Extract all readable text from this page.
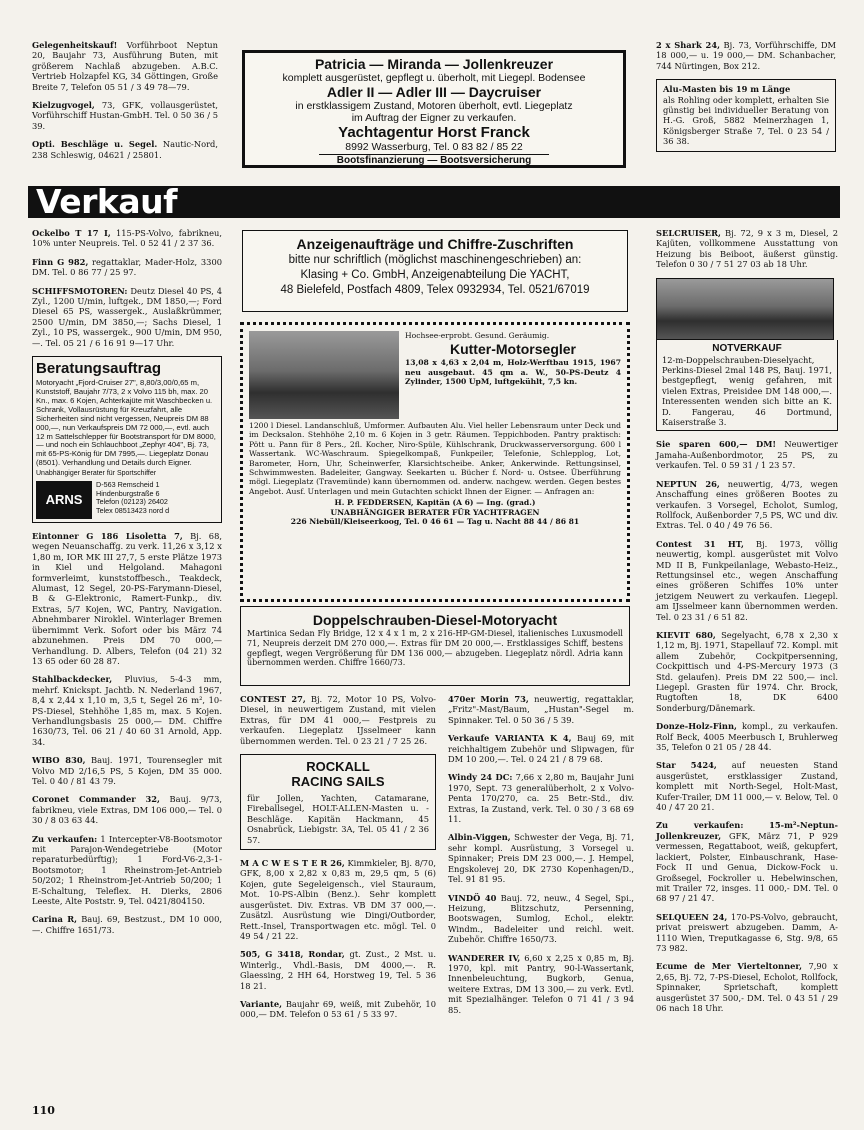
Gelegenheitskauf! Vorführboot Neptun 20, Baujahr 73, Ausführung Buten, mit größerem Nachlaß abzugeben. A.B.C. Vertrieb Holzapfel KG, 34 Göttingen, Große Breite 7, Telefon 05 51 / 3 49 78—79.
Kielzugvogel, 73, GFK, vollausgerüstet, Vorführschiff Hustan-GmbH. Tel. 0 50 36 / 5 39.
Opti. Beschläge u. Segel. Nautic-Nord, 238 Schleswig, 04621 / 25801.
Patricia — Miranda — Jollenkreuzer
komplett ausgerüstet, gepflegt u. überholt, mit Liegepl. Bodensee
Adler II — Adler III — Daycruiser
in erstklassigem Zustand, Motoren überholt, evtl. Liegeplatz
im Auftrag der Eigner zu verkaufen.
Yachtagentur Horst Franck
8992 Wasserburg, Tel. 0 83 82 / 85 22
Bootsfinanzierung — Bootsversicherung
2 x Shark 24, Bj. 73, Vorführschiffe, DM 18 000,— u. 19 000,— DM. Schanbacher, 744 Nürtingen, Box 212.
Alu-Masten bis 19 m Länge
als Rohling oder komplett, erhalten Sie günstig bei individueller Beratung von H.-G. Groß, 5882 Meinerzhagen 1, Königsberger Straße 7, Tel. 0 23 54 / 36 38.
Verkauf
Ockelbo T 17 I, 115-PS-Volvo, fabrikneu, 10% unter Neupreis. Tel. 0 52 41 / 2 37 36.
Finn G 982, regattaklar, Mader-Holz, 3300 DM. Tel. 0 86 77 / 25 97.
SCHIFFSMOTOREN: Deutz Diesel 40 PS, 4 Zyl., 1200 U/min, luftgek., DM 1850,—; Ford Diesel 65 PS, wassergek., Auslaßkrümmer, 2500 U/min, DM 3850,—; Sachs Diesel, 1 Zyl., 10 PS, wassergek., 900 U/min, DM 950,—. Tel. 05 21 / 6 16 91 9—17 Uhr.
Beratungsauftrag
Motoryacht „Fjord-Cruiser 27", 8,80/3,00/0,65 m, Kunststoff, Baujahr 7/73, 2 x Volvo 115 bh, max. 20 Kn., max. 6 Kojen, Achterkajüte mit Waschbecken u. Schrank, Vollausrüstung für Kreuzfahrt, alle Sicherheiten sind nicht vergessen, Neupreis DM 88 000,—, nun Verkaufspreis DM 72 000,—, evtl. auch 12 m Sattelschlepper für Bootstransport für DM 8000,— und noch ein Schlauchboot „Zephyr 404", Bj. 73, mit 65-PS-König für DM 7995,—. Liegeplatz Donau (8501). Verhandlung und Details durch Eigner.
Unabhängiger Berater für Sportschiffer
ARNS
D-563 Remscheid 1
Hindenburgstraße 6
Telefon (02123) 26402
Telex 08513423 nord d
Eintonner G 186 Lisoletta 7, Bj. 68, wegen Neuanschaffg. zu verk. 11,26 x 3,12 x 1,80 m, IOR MK III 27,7, 5 erste Plätze 1973 in Kiel und Helgoland. Mahagoni formverleimt, kunststoffbesch., Teakdeck, Alumast, 12 Segel, 20-PS-Farymann-Diesel, B & G-Elektronic, Ramert-Funkp., div. Extras, 5/7 Kojen, WC, Pantry, Navigation. Abnehmbarer Niroklel. Winterlager Bremen übernimmt Verk. Sofort oder bis März 74 abzunehmen. Preis DM 70 000,— Verhandlung. D. Albers, Telefon (04 21) 32 13 65 oder 60 28 87.
Stahlbackdecker, Pluvius, 5-4-3 mm, mehrf. Knickspt. Jachtb. N. Nederland 1967, 8,4 x 2,44 x 1,10 m, 3,5 t, Segel 26 m², 10-PS-Diesel, Stehhöhe 1,85 m, max. 5 Kojen. Verhandlungsbasis 25 000,— DM. Chiffre 1630/73, Tel. 06 21 / 40 60 31 Arnold, App. 34.
WIBO 830, Bauj. 1971, Tourensegler mit Volvo MD 2/16,5 PS, 5 Kojen, DM 35 000. Tel. 0 40 / 81 43 79.
Coronet Commander 32, Bauj. 9/73, fabrikneu, viele Extras, DM 106 000,— Tel. 0 30 / 8 03 63 44.
Zu verkaufen: 1 Intercepter-V8-Bootsmotor mit Parajon-Wendegetriebe (Motor reparaturbedürftig); 1 Ford-V6-2,3-1-Bootsmotor; 1 Rheinstrom-Jet-Antrieb 50/202; 1 Rheinstrom-Jet-Antrieb 50/200; 1 E-Schaltung, Teleflex. H. Dierks, 2806 Leeste, Alte Poststr. 9, Tel. 0421/804150.
Carina R, Bauj. 69, Bestzust., DM 10 000,—. Chiffre 1651/73.
Anzeigenaufträge und Chiffre-Zuschriften
bitte nur schriftlich (möglichst maschinengeschrieben) an:
Klasing + Co. GmbH, Anzeigenabteilung Die YACHT,
48 Bielefeld, Postfach 4809, Telex 0932934, Tel. 0521/67019
Hochsee-erprobt. Gesund. Geräumig.
Kutter-Motorsegler
13,08 x 4,63 x 2,04 m, Holz-Werftbau 1915, 1967 neu ausgebaut. 45 qm a. W., 50-PS-Deutz 4 Zylinder, 1500 UpM, luftgekühlt, 7,5 kn.
1200 l Diesel. Landanschluß, Umformer. Aufbauten Alu. Viel heller Lebensraum unter Deck und im Decksalon. Stehhöhe 2,10 m. 6 Kojen in 3 getr. Räumen. Teppichboden. Pantry praktisch: Pött u. Pann für 8 Pers., 2fl. Kocher, Niro-Spüle, Kühlschrank, Druckwasserversorgung. 600 l Wassertank. WC-Waschraum. Spiegelkompaß, Funkpeiler, Telefonie, Schlepplog, Lot, Barometer, Horn, Uhr, Scheinwerfer, Klarsichtscheibe. Anker, Ankerwinde. Rettungsinsel, Schwimmwesten. Badeleiter, Gangway. Seekarten u. Bücher f. Nord- u. Ostsee. Überführung mögl. Liegeplatz (Travemünde) kann übernommen od. anderw. nachgew. werden. Gegen bestes Angebot. Ausf. Unterlagen und mein Gutachten schickt Ihnen der Eigner. — Anfragen an:
H. P. FEDDERSEN, Kapitän (A 6) — Ing. (grad.)
UNABHÄNGIGER BERATER FÜR YACHTFRAGEN
226 Niebüll/Kleiseerkoog, Tel. 0 46 61 — Tag u. Nacht 88 44 / 86 81
Doppelschrauben-Diesel-Motoryacht
Martinica Sedan Fly Bridge, 12 x 4 x 1 m, 2 x 216-HP-GM-Diesel, italienisches Luxusmodell 71, Neupreis derzeit DM 270 000,—. Extras für DM 20 000,—. Erstklassiges Schiff, bestens gepflegt, wegen Vergrößerung für DM 136 000,— abzugeben. Liegeplatz nördl. Adria kann übernommen werden. Chiffre 1660/73.
CONTEST 27, Bj. 72, Motor 10 PS, Volvo-Diesel, in neuwertigem Zustand, mit vielen Extras, für DM 41 000,— Festpreis zu verkaufen. Liegeplatz IJsselmeer kann übernommen werden. Tel. 0 23 21 / 7 25 26.
ROCKALL
RACING SAILS
für Jollen, Yachten, Catamarane, Fireballsegel, HOLT-ALLEN-Masten u. -Beschläge. Kapitän Hackmann, 45 Osnabrück, Liebigstr. 3A, Tel. 05 41 / 2 36 57.
M A C W E S T E R 26, Kimmkieler, Bj. 8/70, GFK, 8,00 x 2,82 x 0,83 m, 29,5 qm, 5 (6) Kojen, gute Segeleigensch., viel Stauraum, Mot. 10-PS-Albin (Benz.). Sehr komplett ausgerüstet. Div. Extras. VB DM 37 000,—. Zusätzl. Ausrüstung wie Dingi/Outborder, Rett.-Insel, Transportwagen etc. mögl. Tel. 0 49 54 / 21 22.
505, G 3418, Rondar, gt. Zust., 2 Mst. u. Winterlg., Vhdl.-Basis, DM 4000,—. R. Glaessing, 2 HH 64, Horstweg 19, Tel. 5 36 18 21.
Variante, Baujahr 69, weiß, mit Zubehör, 10 000,— DM. Telefon 0 53 61 / 5 33 97.
470er Morin 73, neuwertig, regattaklar, „Fritz"-Mast/Baum, „Hustan"-Segel m. Spinnaker. Tel. 0 50 36 / 5 39.
Verkaufe VARIANTA K 4, Bauj 69, mit reichhaltigem Zubehör und Slipwagen, für DM 10 200,—. Tel. 0 24 21 / 8 79 68.
Windy 24 DC: 7,66 x 2,80 m, Baujahr Juni 1970, Sept. 73 generalüberholt, 2 x Volvo-Penta 170/270, ca. 25 Betr.-Std., div. Extras, Ia Zustand, verk. Tel. 0 30 / 3 68 69 11.
Albin-Viggen, Schwester der Vega, Bj. 71, sehr kompl. Ausrüstung, 3 Vorsegel u. Spinnaker; Preis DM 23 000,—. J. Hempel, Engskolevej 20, DK 2730 Kopenhagen/D., Tel. 91 81 95.
VINDÖ 40 Bauj. 72, neuw., 4 Segel, Spi., Heizung, Blitzschutz, Persenning, Bootswagen, Sumlog, Echol., elektr. Windm., Badeleiter und reichl. weit. Zubehör. Chiffre 1650/73.
WANDERER IV, 6,60 x 2,25 x 0,85 m, Bj. 1970, kpl. mit Pantry, 90-l-Wassertank, Innenbeleuchtung, Bugkorb, Genua, weitere Extras, DM 13 300,— zu verk. Evtl. mit Spezialhänger. Telefon 0 71 41 / 3 94 85.
SELCRUISER, Bj. 72, 9 x 3 m, Diesel, 2 Kajüten, vollkommene Ausstattung von Heizung bis Beiboot, äußerst günstig. Telefon 0 30 / 7 51 27 03 ab 18 Uhr.
NOTVERKAUF
12-m-Doppelschrauben-Dieselyacht, Perkins-Diesel 2mal 148 PS, Bauj. 1971, bestgepflegt, wenig gefahren, mit vielen Extras, Preisidee DM 148 000,—. Interessenten wenden sich bitte an K. D. Fangerau, 46 Dortmund, Kaiserstraße 3.
Sie sparen 600,— DM! Neuwertiger Jamaha-Außenbordmotor, 25 PS, zu verkaufen. Tel. 0 59 31 / 1 23 57.
NEPTUN 26, neuwertig, 4/73, wegen Anschaffung eines größeren Bootes zu verkaufen. 3 Vorsegel, Echolot, Sumlog, Rollfock, Außenborder 7,5 PS, WC und div. Extras. Tel. 0 40 / 49 76 56.
Contest 31 HT, Bj. 1973, völlig neuwertig, kompl. ausgerüstet mit Volvo MD II B, Funkpeilanlage, Webasto-Heiz., Rettungsinsel etc., wegen Anschaffung eines größeren Schiffes 10% unter jetzigem Neuwert zu verkaufen. Liegepl. am IJsselmeer kann übernommen werden. Tel. 0 23 31 / 6 51 82.
KIEVIT 680, Segelyacht, 6,78 x 2,30 x 1,12 m, Bj. 1971, Stapellauf 72. Kompl. mit allem Zubehör, Cockpitpersenning, Cockpittisch und 4-PS-Mercury 1973 (3 Std. gelaufen). Preis DM 22 500,— incl. Liegepl. Grasten für 1974. Chr. Brock, Rugtoften 18, DK 6400 Sonderburg/Dänemark.
Donze-Holz-Finn, kompl., zu verkaufen. Rolf Beck, 4005 Meerbusch I, Bruhlerweg 35, Telefon 0 21 05 / 28 44.
Star 5424, auf neuesten Stand ausgerüstet, erstklassiger Zustand, komplett mit North-Segel, Holt-Mast, Kufer-Trailer, DM 11 000,— v. Below, Tel. 0 40 / 47 20 21.
Zu verkaufen: 15-m²-Neptun-Jollenkreuzer, GFK, März 71, P 929 vermessen, Regattaboot, weiß, gekupfert, lackiert, Polster, Einbauschrank, Hase-Fock II und Genua, Dickow-Fock u. Großsegel, Fockroller u. Hebelwinschen, mit Trailer 72, insges. 11 000,- DM. Tel. 0 68 97 / 21 47.
SELQUEEN 24, 170-PS-Volvo, gebraucht, privat preiswert abzugeben. Damm, A-1110 Wien, Treputkagasse 6, Stg. 9/8, 65 73 982.
Ecume de Mer Vierteltonner, 7,90 x 2,65, Bj. 72, 7-PS-Diesel, Echolot, Rollfock, Spinnaker, Sprietschaft, komplett ausgerüstet 37 500,- DM. Tel. 0 43 51 / 29 06 nach 18 Uhr.
110
